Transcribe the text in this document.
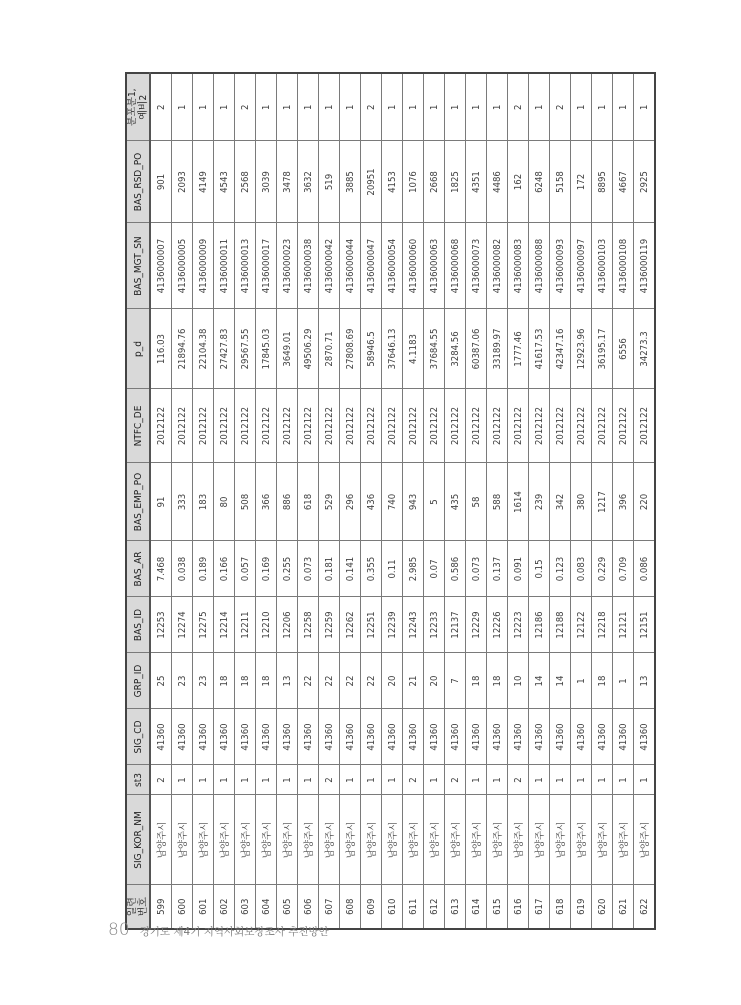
일련
번호	SIG_KOR_NM	st3	SIG_CD	GRP_ID	BAS_ID	BAS_AR	BAS_EMP_PO	NTFC_DE	p_d	BAS_MGT_SN	BAS_RSD_PO	분포분1,
예비2
599	남양주시	2	41360	25	12253	7.468	91	2012122	116.03	4136000007	901	2
600	남양주시	1	41360	23	12274	0.038	333	2012122	21894.76	4136000005	2093	1
601	남양주시	1	41360	23	12275	0.189	183	2012122	22104.38	4136000009	4149	1
602	남양주시	1	41360	18	12214	0.166	80	2012122	27427.83	4136000011	4543	1
603	남양주시	1	41360	18	12211	0.057	508	2012122	29567.55	4136000013	2568	2
604	남양주시	1	41360	18	12210	0.169	366	2012122	17845.03	4136000017	3039	1
605	남양주시	1	41360	13	12206	0.255	886	2012122	3649.01	4136000023	3478	1
606	남양주시	1	41360	22	12258	0.073	618	2012122	49506.29	4136000038	3632	1
607	남양주시	2	41360	22	12259	0.181	529	2012122	2870.71	4136000042	519	1
608	남양주시	1	41360	22	12262	0.141	296	2012122	27808.69	4136000044	3885	1
609	남양주시	1	41360	22	12251	0.355	436	2012122	58946.5	4136000047	20951	2
610	남양주시	1	41360	20	12239	0.11	740	2012122	37646.13	4136000054	4153	1
611	남양주시	2	41360	21	12243	2.985	943	2012122	4.1183	4136000060	1076	1
612	남양주시	1	41360	20	12233	0.07	5	2012122	37684.55	4136000063	2668	1
613	남양주시	2	41360	7	12137	0.586	435	2012122	3284.56	4136000068	1825	1
614	남양주시	1	41360	18	12229	0.073	58	2012122	60387.06	4136000073	4351	1
615	남양주시	1	41360	18	12226	0.137	588	2012122	33189.97	4136000082	4486	1
616	남양주시	2	41360	10	12223	0.091	1614	2012122	1777.46	4136000083	162	2
617	남양주시	1	41360	14	12186	0.15	239	2012122	41617.53	4136000088	6248	1
618	남양주시	1	41360	14	12188	0.123	342	2012122	42347.16	4136000093	5158	2
619	남양주시	1	41360	1	12122	0.083	380	2012122	12923.96	4136000097	172	1
620	남양주시	1	41360	18	12218	0.229	1217	2012122	36195.17	4136000103	8895	1
621	남양주시	1	41360	1	12121	0.709	396	2012122	6556	4136000108	4667	1
622	남양주시	1	41360	13	12151	0.086	220	2012122	34273.3	4136000119	2925	1
80 경기도 제4기 지역사회보장조사 추진방안
